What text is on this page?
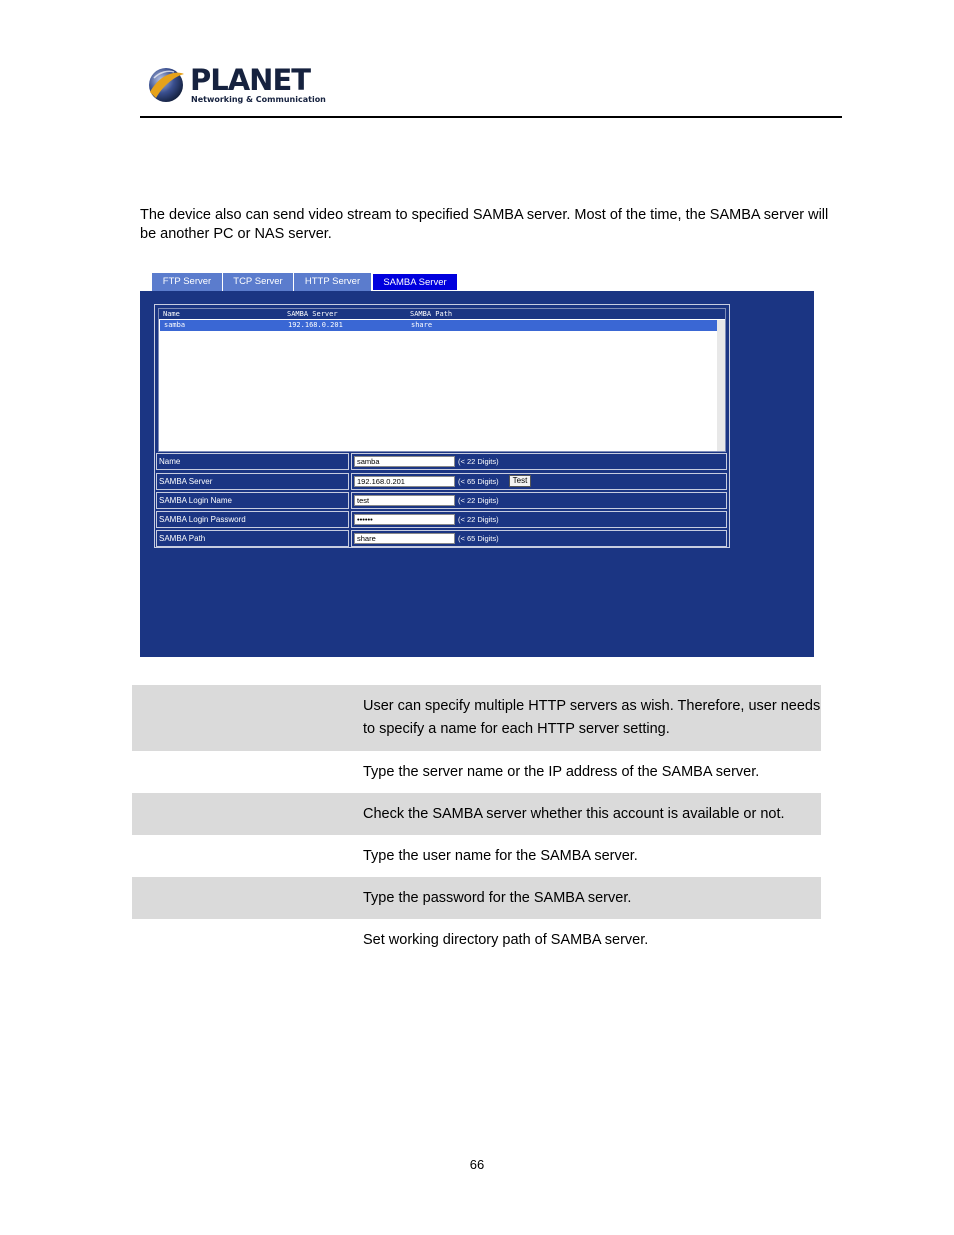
PLANET
Networking & Communication
The device also can send video stream to specified SAMBA server. Most of the time, the SAMBA server will be another PC or NAS server.
FTP Server	TCP Server	HTTP Server	SAMBA Server
Name	SAMBA Server	SAMBA Path
samba	192.168.0.201	share
Name	samba	(< 22 Digits)
SAMBA Server	192.168.0.201	(< 65 Digits)	Test
SAMBA Login Name	test	(< 22 Digits)
SAMBA Login Password	••••••	(< 22 Digits)
SAMBA Path	share	(< 65 Digits)
User can specify multiple HTTP servers as wish. Therefore, user needs to specify a name for each HTTP server setting.
Type the server name or the IP address of the SAMBA server.
Check the SAMBA server whether this account is available or not.
Type the user name for the SAMBA server.
Type the password for the SAMBA server.
Set working directory path of SAMBA server.
66
